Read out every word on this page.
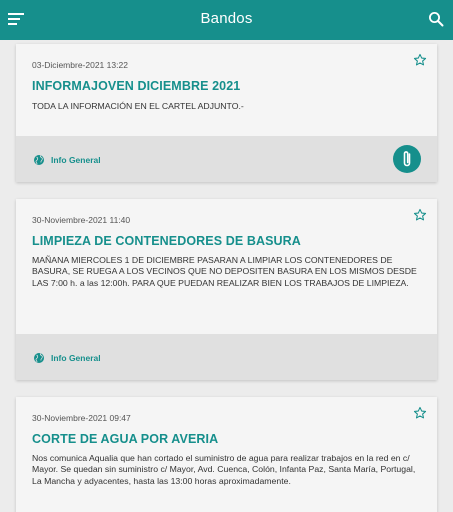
Bandos
03-Diciembre-2021 13:22
INFORMAJOVEN DICIEMBRE 2021
TODA LA INFORMACIÓN EN EL CARTEL ADJUNTO.-
Info General
30-Noviembre-2021 11:40
LIMPIEZA DE CONTENEDORES DE BASURA
MAÑANA MIERCOLES 1 DE DICIEMBRE PASARAN A LIMPIAR LOS CONTENEDORES DE BASURA, SE RUEGA A LOS VECINOS QUE NO DEPOSITEN BASURA EN LOS MISMOS DESDE LAS 7:00 h. a las 12:00h. PARA QUE PUEDAN REALIZAR BIEN LOS TRABAJOS DE LIMPIEZA.
Info General
30-Noviembre-2021 09:47
CORTE DE AGUA POR AVERIA
Nos comunica Aqualia que han cortado el suministro de agua para realizar trabajos en la red en c/ Mayor. Se quedan sin suministro c/ Mayor, Avd. Cuenca, Colón, Infanta Paz, Santa María, Portugal, La Mancha y adyacentes, hasta las 13:00 horas aproximadamente.
